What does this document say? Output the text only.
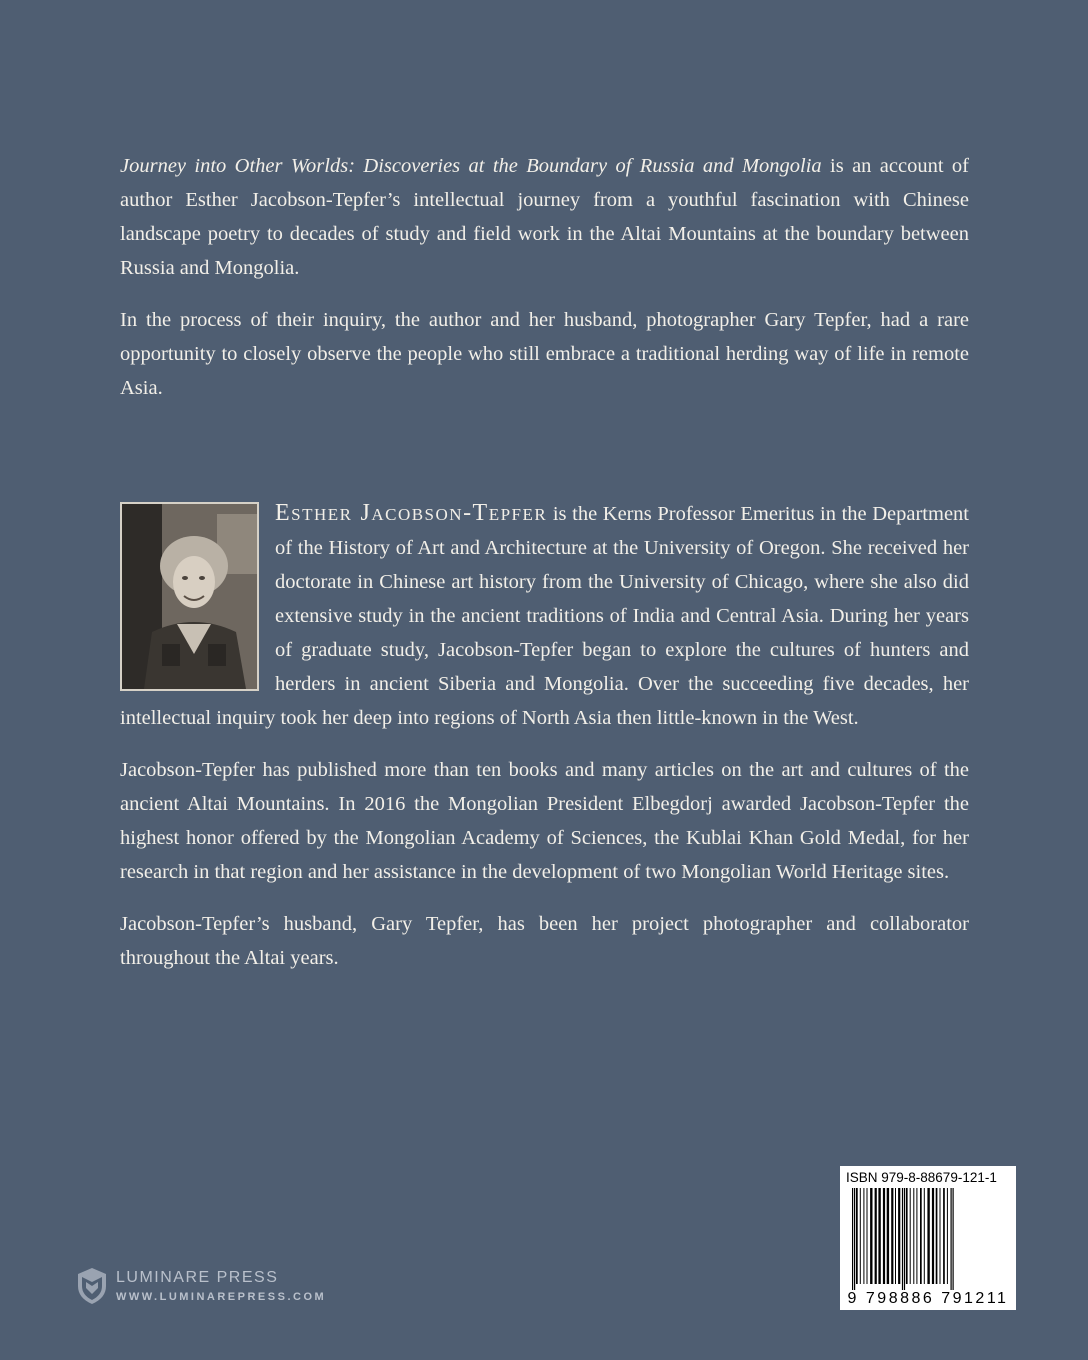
Journey into Other Worlds: Discoveries at the Boundary of Russia and Mongolia is an account of author Esther Jacobson-Tepfer’s intellectual journey from a youthful fascination with Chinese landscape poetry to decades of study and field work in the Altai Mountains at the boundary between Russia and Mongolia.

In the process of their inquiry, the author and her husband, photographer Gary Tepfer, had a rare opportunity to closely observe the people who still embrace a traditional herding way of life in remote Asia.

Esther Jacobson-Tepfer is the Kerns Professor Emeritus in the Department of the History of Art and Architecture at the University of Oregon. She received her doctorate in Chinese art history from the University of Chicago, where she also did extensive study in the ancient traditions of India and Central Asia. During her years of graduate study, Jacobson-Tepfer began to explore the cultures of hunters and herders in ancient Siberia and Mongolia. Over the succeeding five decades, her intellectual inquiry took her deep into regions of North Asia then little-known in the West.

Jacobson-Tepfer has published more than ten books and many articles on the art and cultures of the ancient Altai Mountains. In 2016 the Mongolian President Elbegdorj awarded Jacobson-Tepfer the highest honor offered by the Mongolian Academy of Sciences, the Kublai Khan Gold Medal, for her research in that region and her assistance in the development of two Mongolian World Heritage sites.

Jacobson-Tepfer’s husband, Gary Tepfer, has been her project photographer and collaborator throughout the Altai years.

LUMINARE PRESS
WWW.LUMINAREPRESS.COM
ISBN 979-8-88679-121-1
9 798886 791211
